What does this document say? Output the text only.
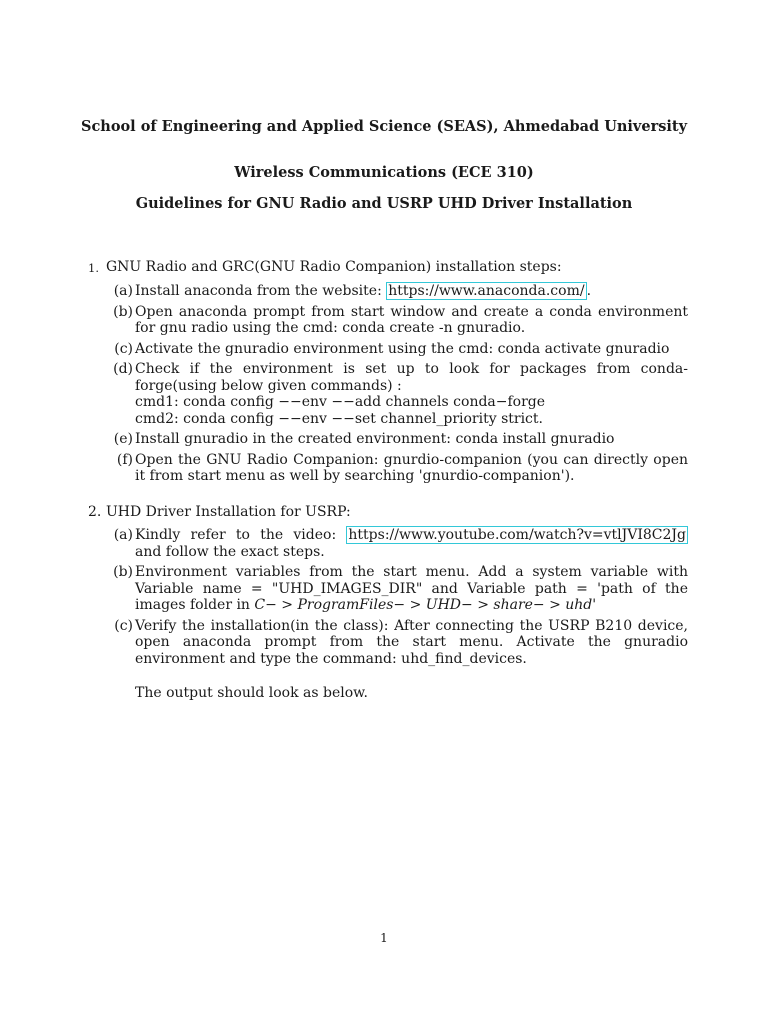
School of Engineering and Applied Science (SEAS), Ahmedabad University
Wireless Communications (ECE 310)
Guidelines for GNU Radio and USRP UHD Driver Installation
1. GNU Radio and GRC(GNU Radio Companion) installation steps:
(a) Install anaconda from the website: https://www.anaconda.com/ .
(b) Open anaconda prompt from start window and create a conda environment for gnu radio using the cmd: conda create -n gnuradio.
(c) Activate the gnuradio environment using the cmd: conda activate gnuradio
(d) Check if the environment is set up to look for packages from conda-forge(using below given commands) :
cmd1: conda config −−env −−add channels conda−forge
cmd2: conda config −−env −−set channel_priority strict.
(e) Install gnuradio in the created environment: conda install gnuradio
(f) Open the GNU Radio Companion: gnurdio-companion (you can directly open it from start menu as well by searching 'gnurdio-companion').
2. UHD Driver Installation for USRP:
(a) Kindly refer to the video: https://www.youtube.com/watch?v=vtlJVI8C2Jg and follow the exact steps.
(b) Environment variables from the start menu. Add a system variable with Variable name = "UHD_IMAGES_DIR" and Variable path = 'path of the images folder in C− > ProgramFiles− > UHD− > share− > uhd'
(c) Verify the installation(in the class): After connecting the USRP B210 device, open anaconda prompt from the start menu. Activate the gnuradio environment and type the command: uhd_find_devices.
The output should look as below.
1
